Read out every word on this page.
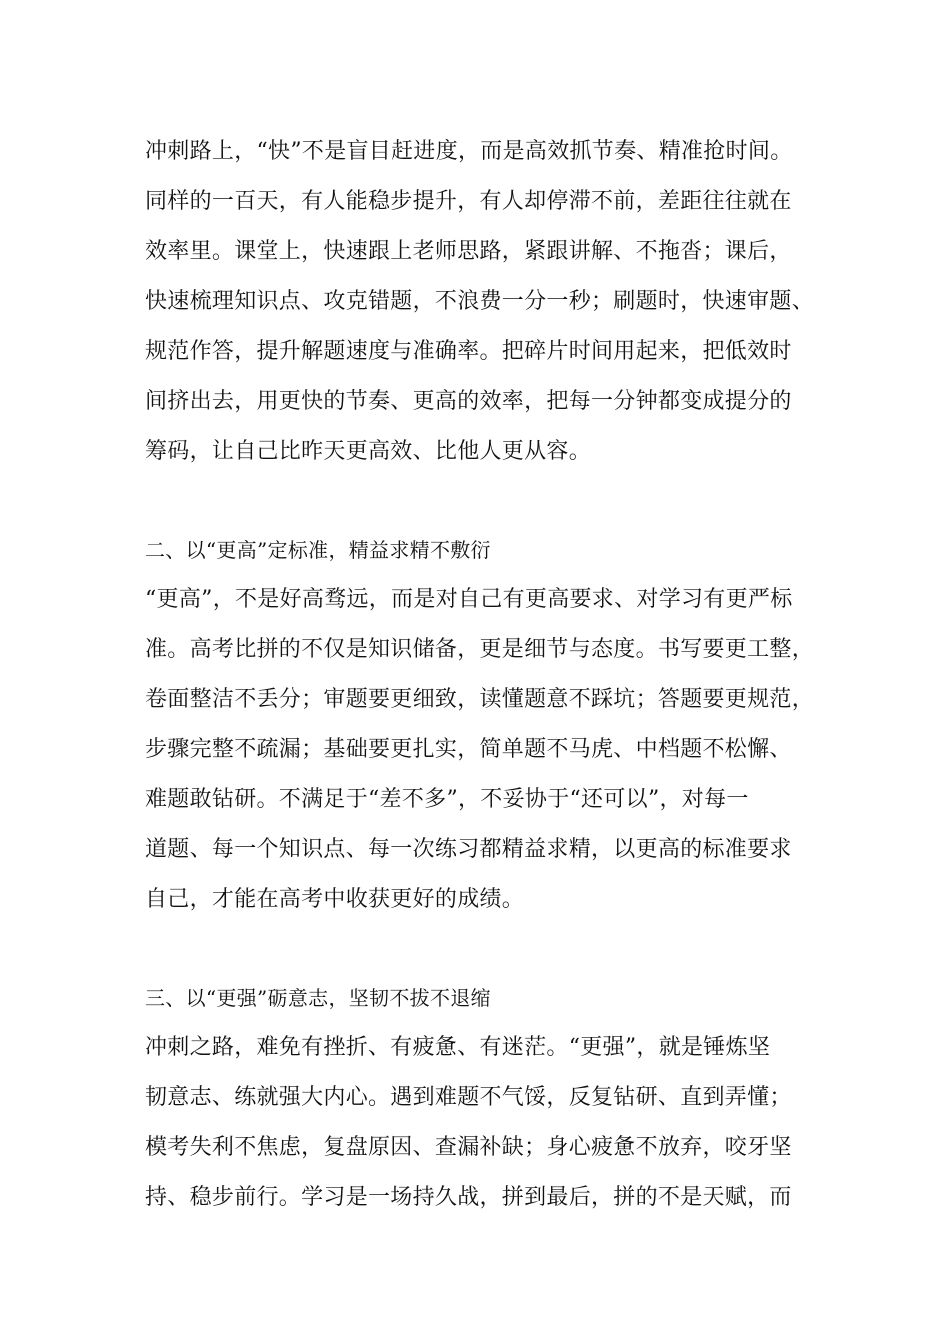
冲刺路上，“快”不是盲目赶进度，而是高效抓节奏、精准抢时间。
同样的一百天，有人能稳步提升，有人却停滞不前，差距往往就在
效率里。课堂上，快速跟上老师思路，紧跟讲解、不拖沓；课后，
快速梳理知识点、攻克错题，不浪费一分一秒；刷题时，快速审题、
规范作答，提升解题速度与准确率。把碎片时间用起来，把低效时
间挤出去，用更快的节奏、更高的效率，把每一分钟都变成提分的
筹码，让自己比昨天更高效、比他人更从容。
二、以“更高”定标准，精益求精不敷衍
“更高”，不是好高骛远，而是对自己有更高要求、对学习有更严标
准。高考比拼的不仅是知识储备，更是细节与态度。书写要更工整，
卷面整洁不丢分；审题要更细致，读懂题意不踩坑；答题要更规范，
步骤完整不疏漏；基础要更扎实，简单题不马虎、中档题不松懈、
难题敢钻研。不满足于“差不多”，不妥协于“还可以”，对每一
道题、每一个知识点、每一次练习都精益求精，以更高的标准要求
自己，才能在高考中收获更好的成绩。
三、以“更强”砺意志，坚韧不拔不退缩
冲刺之路，难免有挫折、有疲惫、有迷茫。“更强”，就是锤炼坚
韧意志、练就强大内心。遇到难题不气馁，反复钻研、直到弄懂；
模考失利不焦虑，复盘原因、查漏补缺；身心疲惫不放弃，咬牙坚
持、稳步前行。学习是一场持久战，拼到最后，拼的不是天赋，而
